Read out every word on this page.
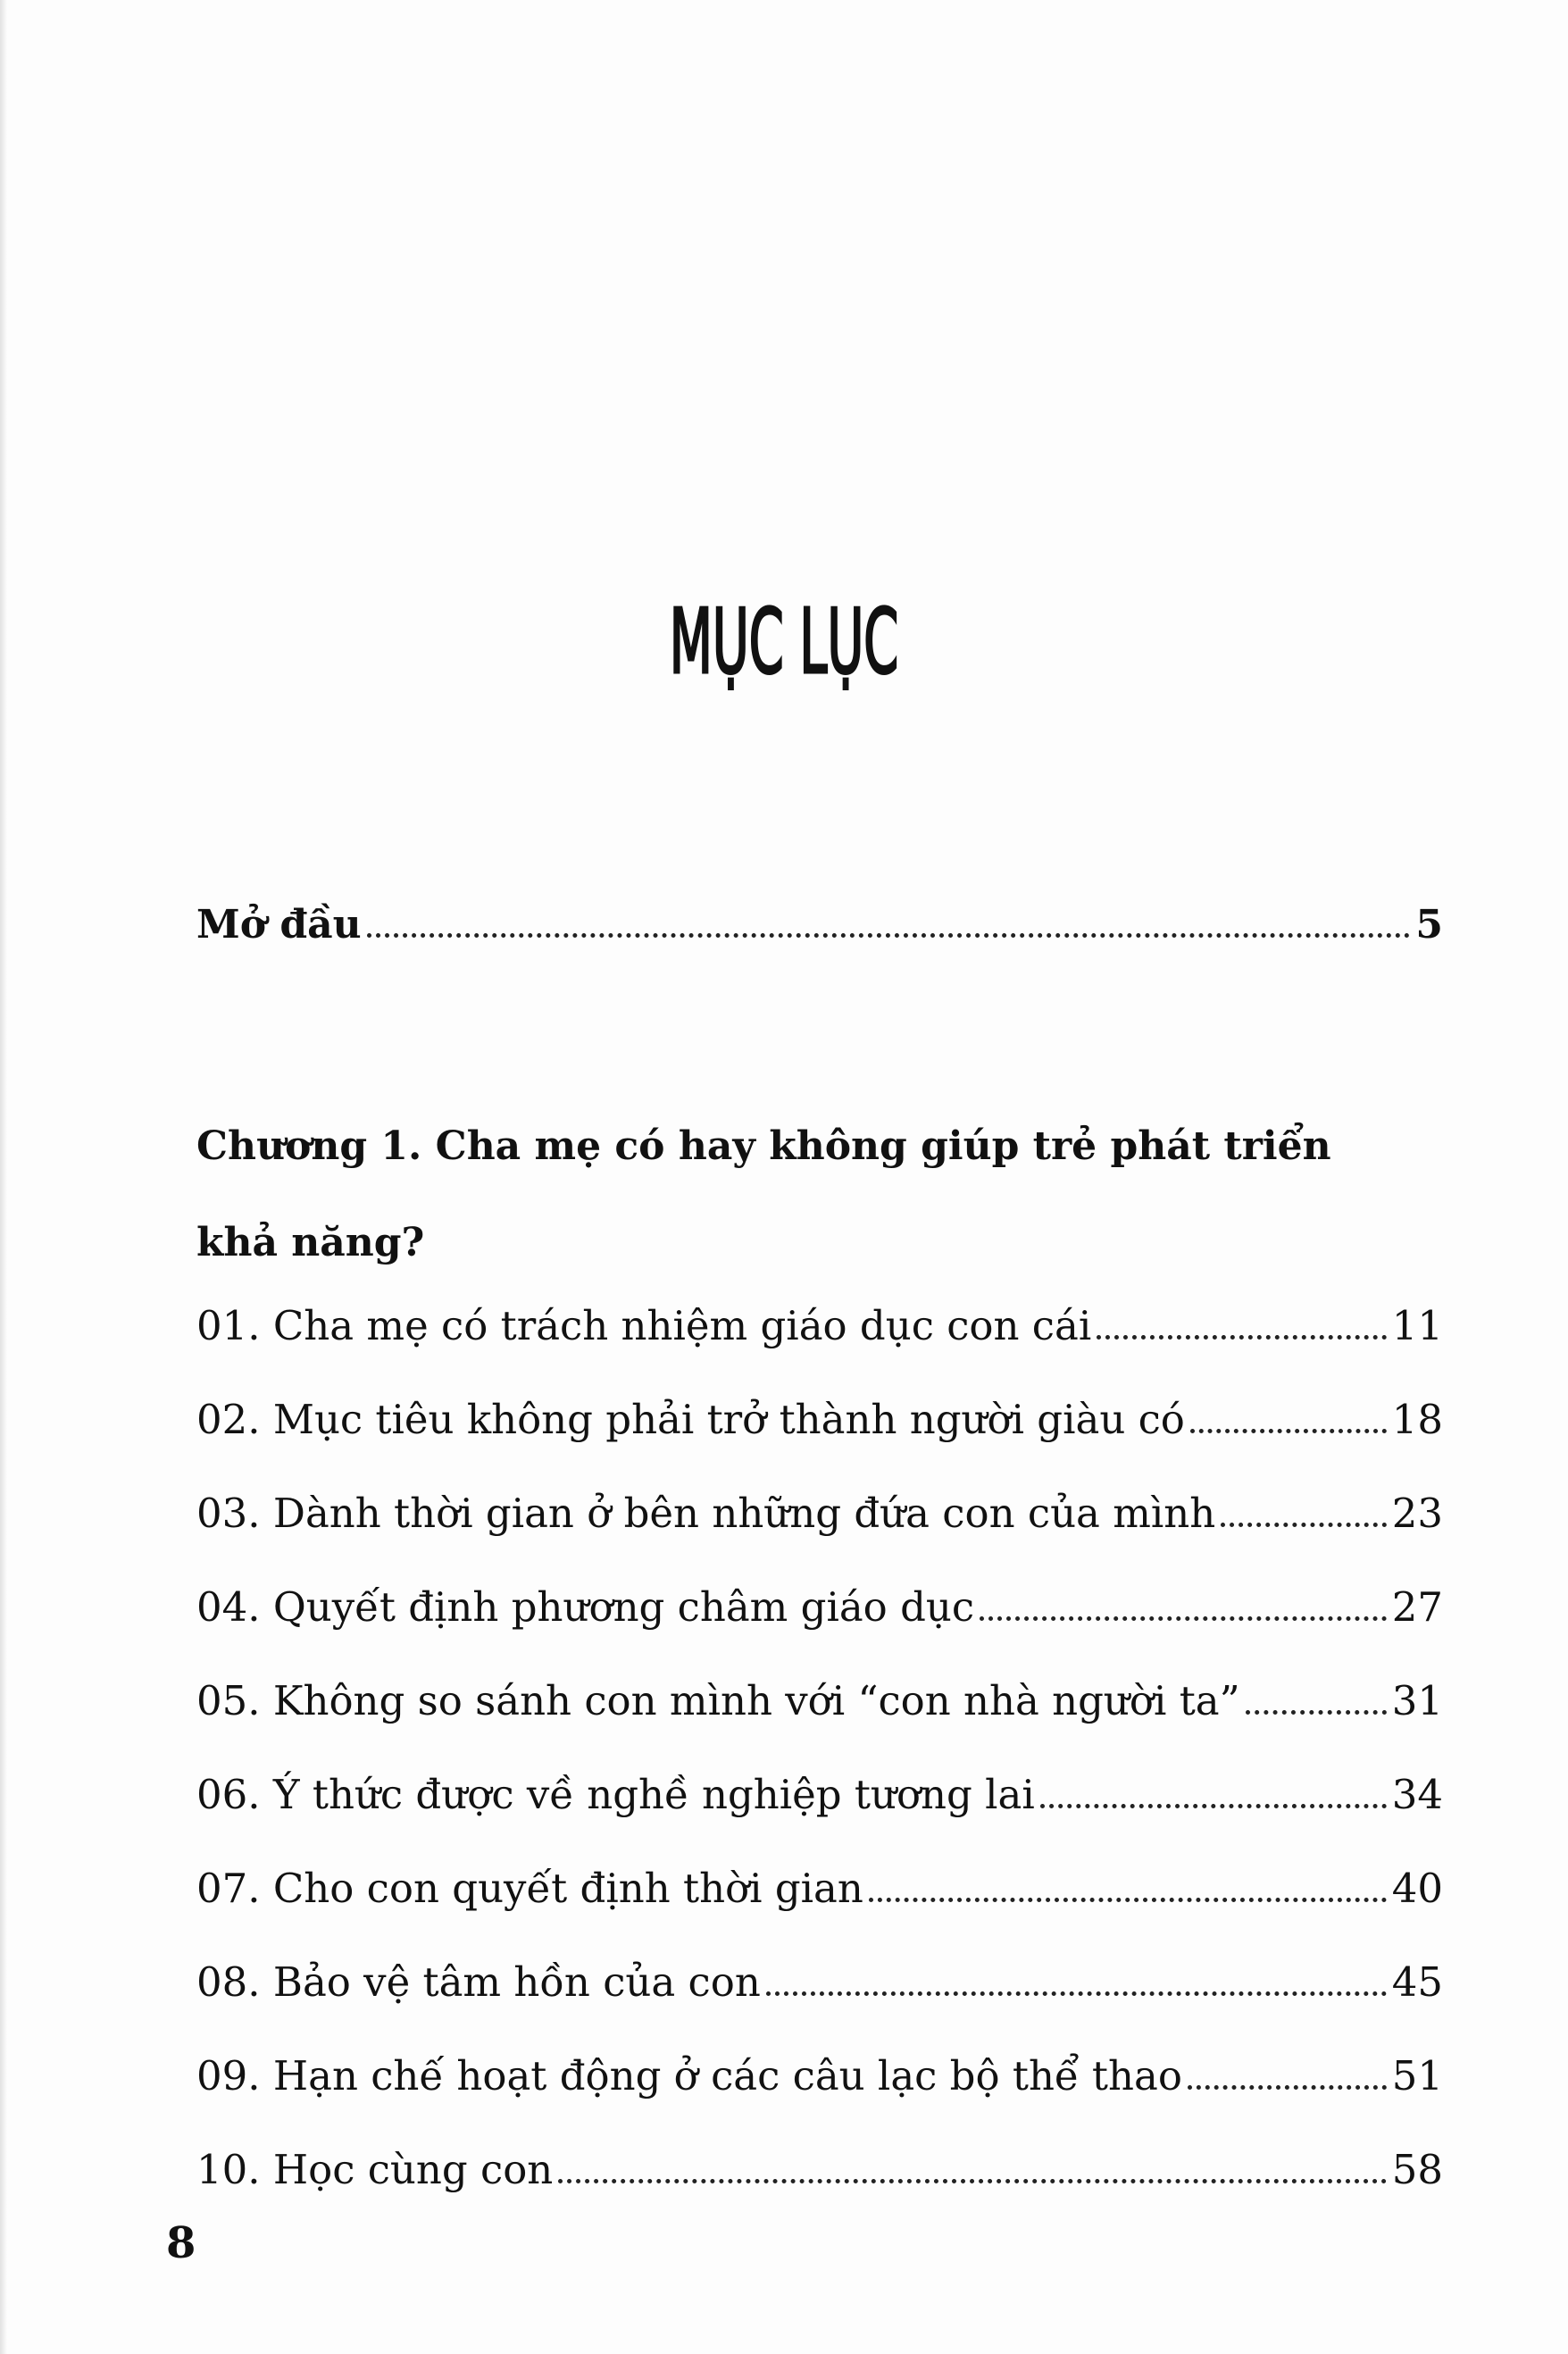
MỤC LỤC
Mở đầu	5
Chương 1. Cha mẹ có hay không giúp trẻ phát triển
khả năng?
01. Cha mẹ có trách nhiệm giáo dục con cái	11
02. Mục tiêu không phải trở thành người giàu có	18
03. Dành thời gian ở bên những đứa con của mình	23
04. Quyết định phương châm giáo dục	27
05. Không so sánh con mình với “con nhà người ta”	31
06. Ý thức được về nghề nghiệp tương lai	34
07. Cho con quyết định thời gian	40
08. Bảo vệ tâm hồn của con	45
09. Hạn chế hoạt động ở các câu lạc bộ thể thao	51
10. Học cùng con	58
8
